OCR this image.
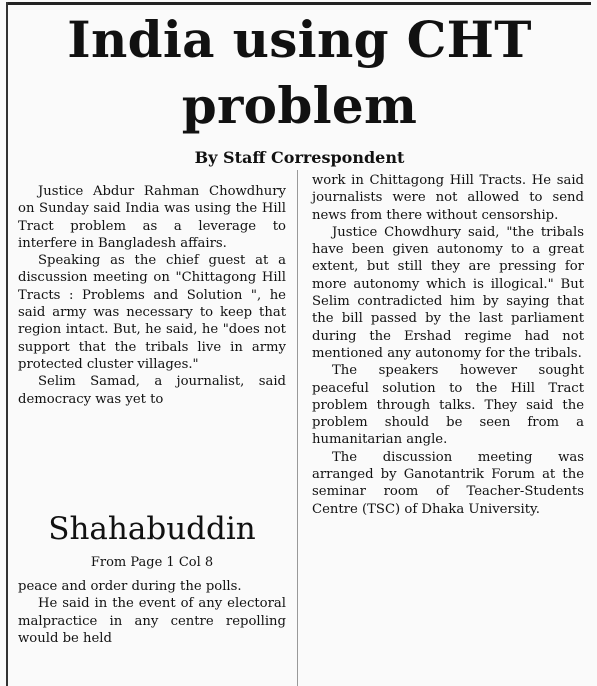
India using CHT
problem
By Staff Correspondent

Justice Abdur Rahman Chowdhury on Sunday said India was using the Hill Tract problem as a leverage to interfere in Bangladesh affairs.

Speaking as the chief guest at a discussion meeting on "Chittagong Hill Tracts : Problems and Solution ", he said army was necessary to keep that region intact. But, he said, he "does not support that the tribals live in army protected cluster villages."

Selim Samad, a journalist, said democracy was yet to

work in Chittagong Hill Tracts. He said journalists were not allowed to send news from there without censorship.

Justice Chowdhury said, "the tribals have been given autonomy to a great extent, but still they are pressing for more autonomy which is illogical." But Selim contradicted him by saying that the bill passed by the last parliament during the Ershad regime had not mentioned any autonomy for the tribals.

The speakers however sought peaceful solution to the Hill Tract problem through talks. They said the problem should be seen from a humanitarian angle.

The discussion meeting was arranged by Ganotantrik Forum at the seminar room of Teacher-Students Centre (TSC) of Dhaka University.

Shahabuddin
From Page 1 Col 8

peace and order during the polls.

He said in the event of any electoral malpractice in any centre repolling would be held
